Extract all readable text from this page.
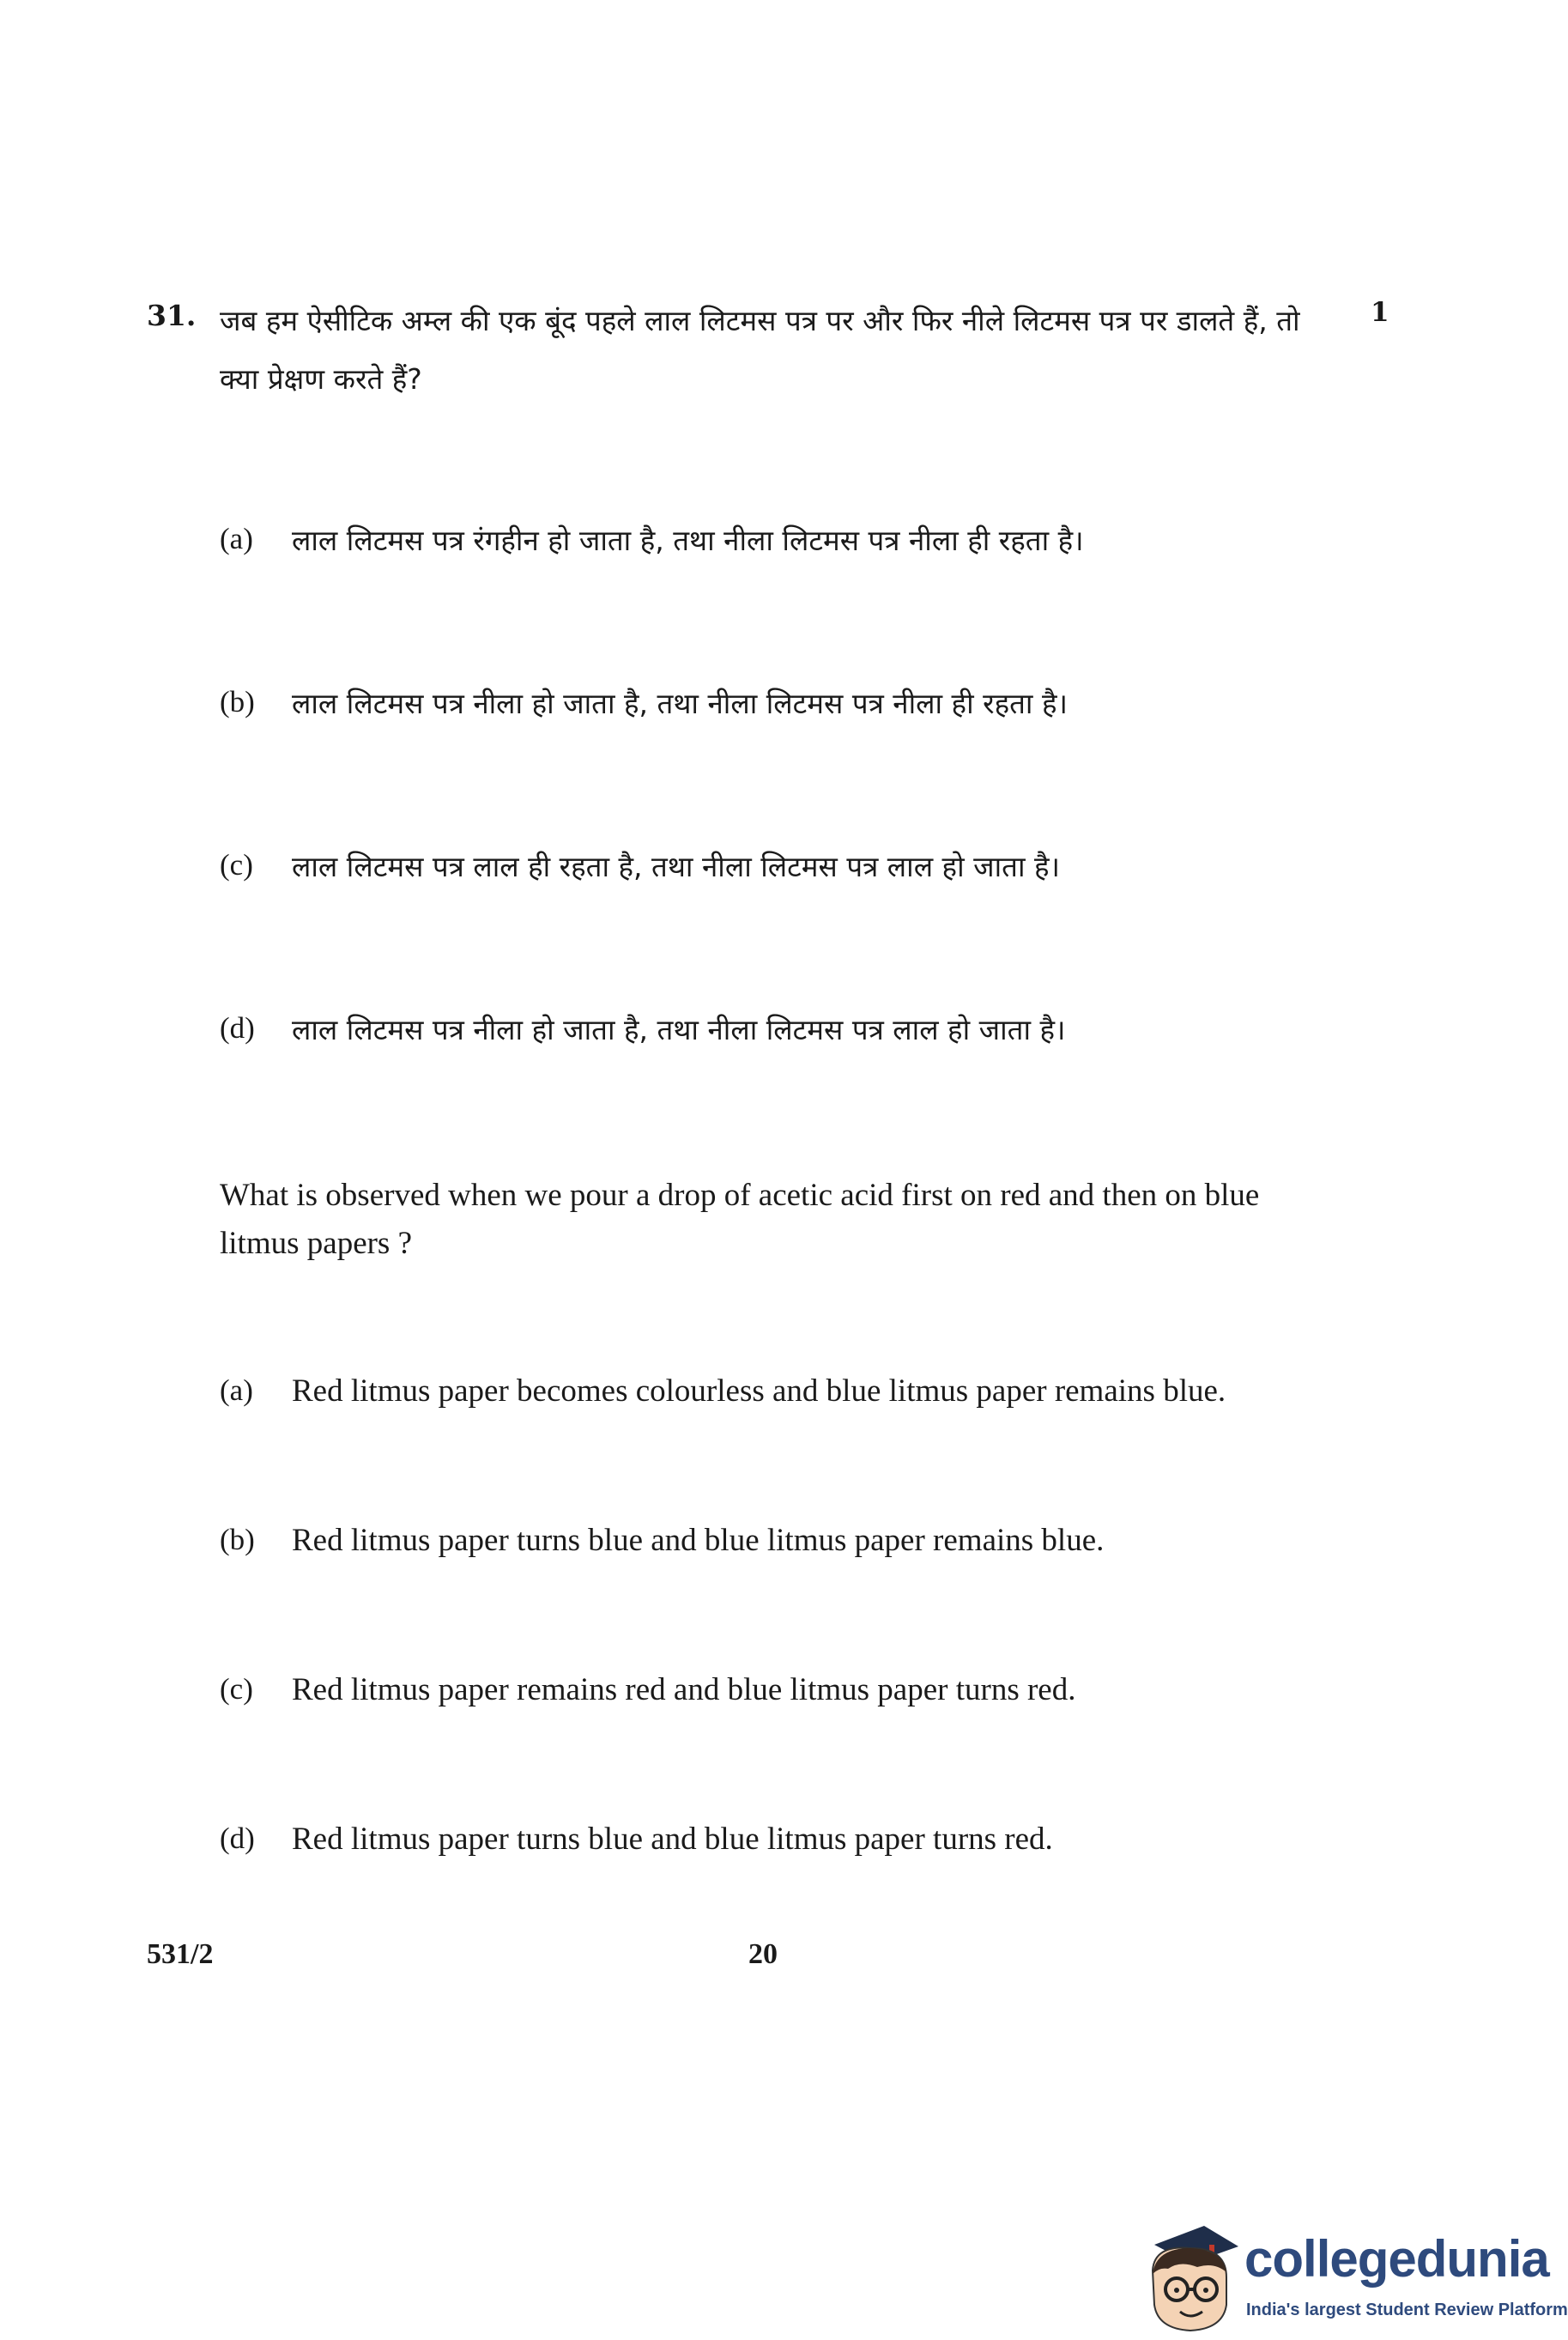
31. जब हम ऐसीटिक अम्ल की एक बूंद पहले लाल लिटमस पत्र पर और फिर नीले लिटमस पत्र पर डालते हैं, तो क्या प्रेक्षण करते हैं?
1
(a)	लाल लिटमस पत्र रंगहीन हो जाता है, तथा नीला लिटमस पत्र नीला ही रहता है।
(b)	लाल लिटमस पत्र नीला हो जाता है, तथा नीला लिटमस पत्र नीला ही रहता है।
(c)	लाल लिटमस पत्र लाल ही रहता है, तथा नीला लिटमस पत्र लाल हो जाता है।
(d)	लाल लिटमस पत्र नीला हो जाता है, तथा नीला लिटमस पत्र लाल हो जाता है।
What is observed when we pour a drop of acetic acid first on red and then on blue litmus papers ?
(a)	Red litmus paper becomes colourless and blue litmus paper remains blue.
(b)	Red litmus paper turns blue and blue litmus paper remains blue.
(c)	Red litmus paper remains red and blue litmus paper turns red.
(d)	Red litmus paper turns blue and blue litmus paper turns red.
531/2	20
collegedunia
India's largest Student Review Platform
